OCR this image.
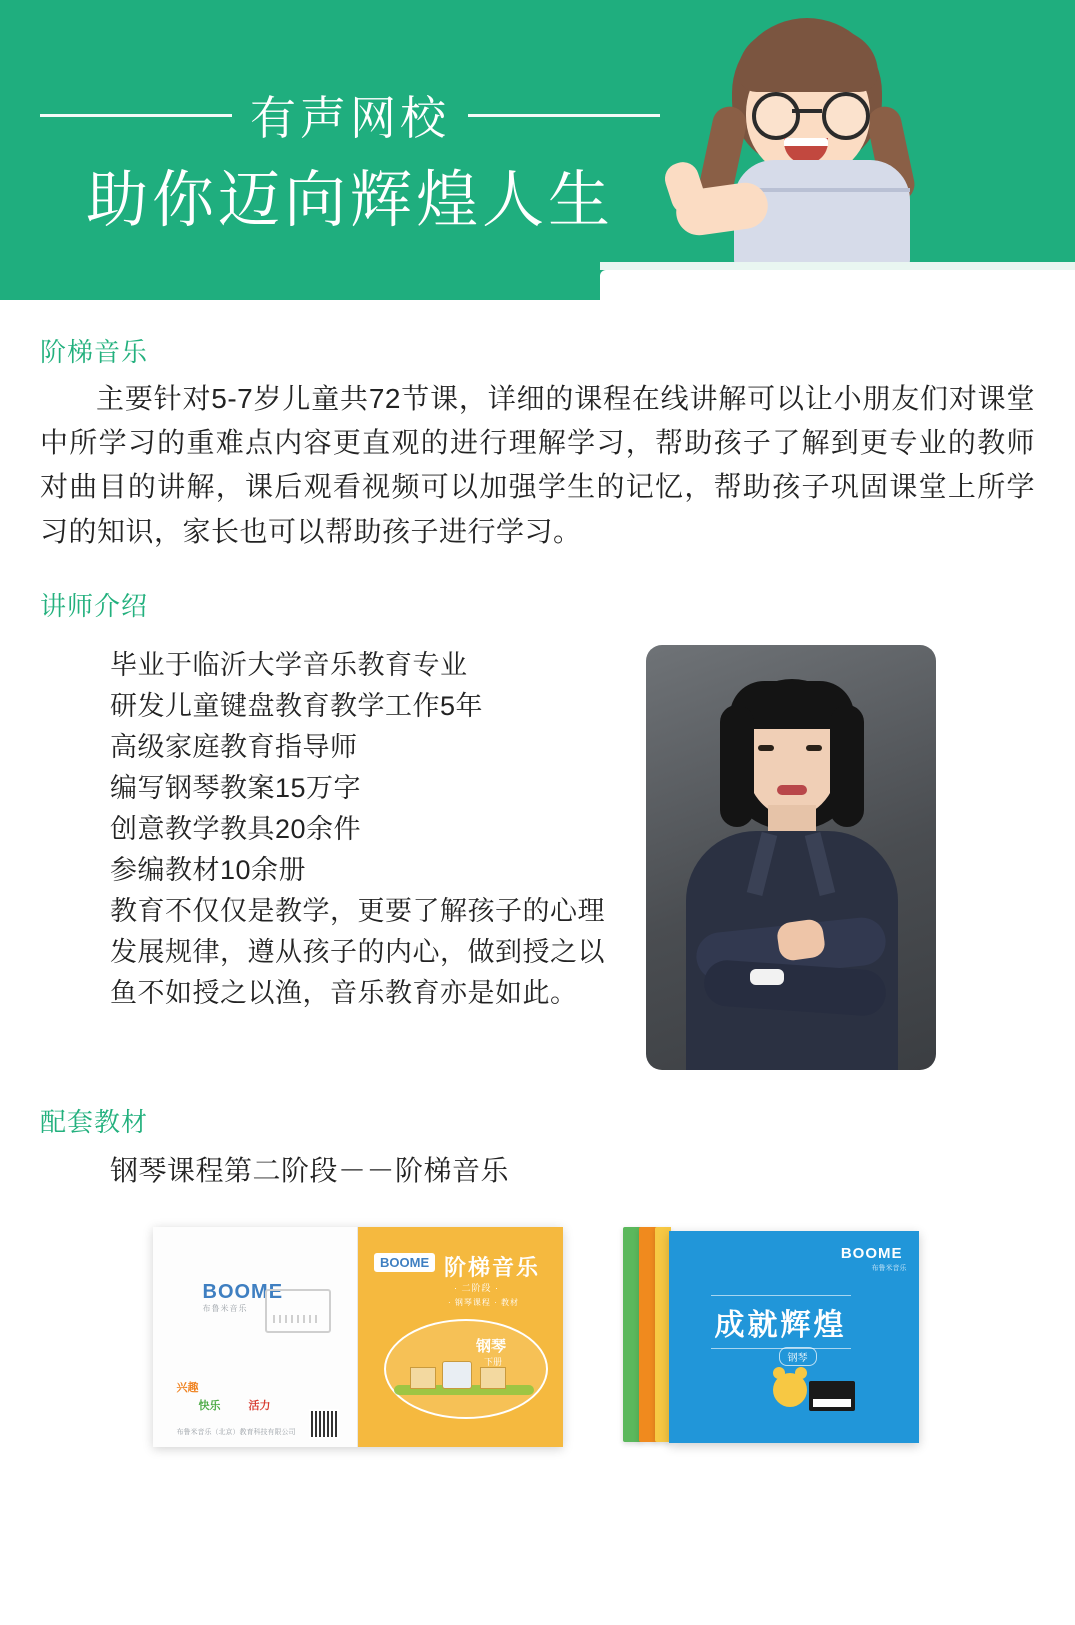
有声网校
助你迈向辉煌人生
阶梯音乐

主要针对5-7岁儿童共72节课，详细的课程在线讲解可以让小朋友们对课堂中所学习的重难点内容更直观的进行理解学习，帮助孩子了解到更专业的教师对曲目的讲解，课后观看视频可以加强学生的记忆，帮助孩子巩固课堂上所学习的知识，家长也可以帮助孩子进行学习。

讲师介绍
毕业于临沂大学音乐教育专业
研发儿童键盘教育教学工作5年
高级家庭教育指导师
编写钢琴教案15万字
创意教学教具20余件
参编教材10余册
教育不仅仅是教学，更要了解孩子的心理发展规律，遵从孩子的内心，做到授之以鱼不如授之以渔，音乐教育亦是如此。
配套教材
钢琴课程第二阶段－－阶梯音乐
BOOME
布鲁米音乐
兴趣
快乐	活力
布鲁米音乐（北京）教育科技有限公司
BOOME 阶梯音乐
· 二阶段 ·
· 钢琴课程 · 教材
钢琴
下册
BOOME
布鲁米音乐
成就辉煌
钢琴
